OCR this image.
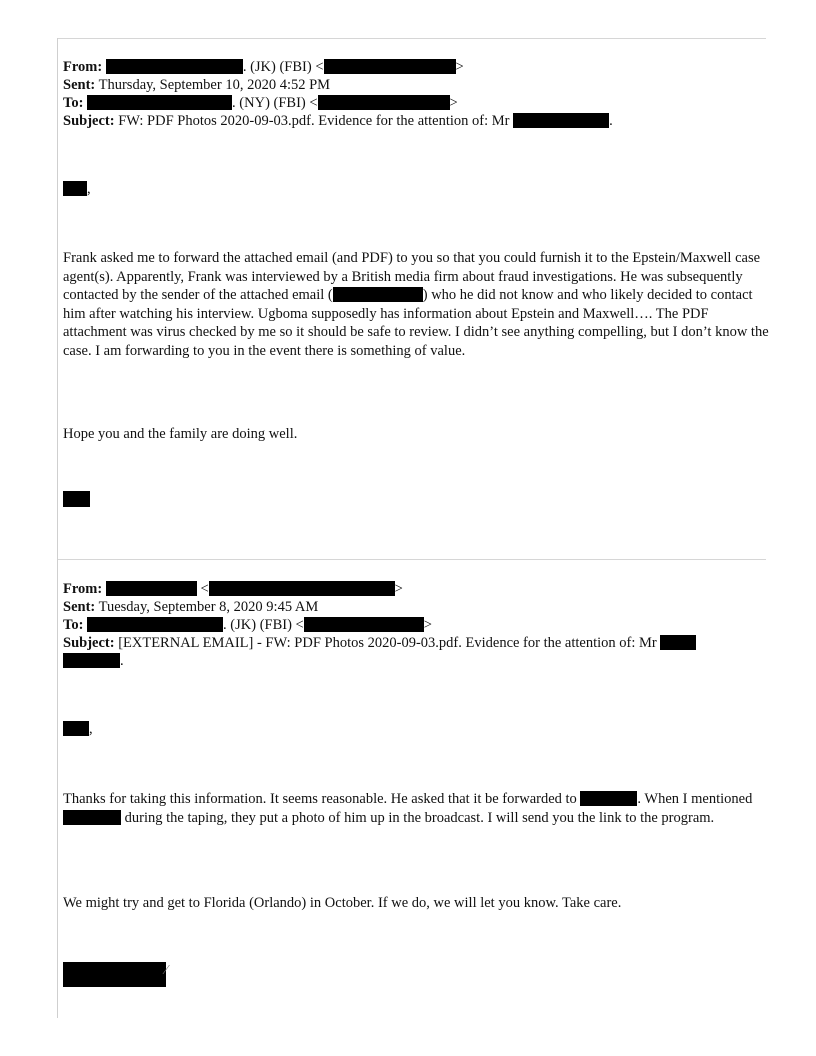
From:	. (JK) (FBI) <	>
Sent: Thursday, September 10, 2020 4:52 PM
To:	. (NY) (FBI) <	>
Subject: FW: PDF Photos 2020-09-03.pdf. Evidence for the attention of: Mr	.
,
Frank asked me to forward the attached email (and PDF) to you so that you could furnish it to the Epstein/Maxwell case agent(s). Apparently, Frank was interviewed by a British media firm about fraud investigations. He was subsequently contacted by the sender of the attached email (	) who he did not know and who likely decided to contact him after watching his interview. Ugboma supposedly has information about Epstein and Maxwell…. The PDF attachment was virus checked by me so it should be safe to review. I didn’t see anything compelling, but I don’t know the case. I am forwarding to you in the event there is something of value.
Hope you and the family are doing well.
From:	<	>
Sent: Tuesday, September 8, 2020 9:45 AM
To:	. (JK) (FBI) <	>
Subject: [EXTERNAL EMAIL] - FW: PDF Photos 2020-09-03.pdf. Evidence for the attention of: Mr
.
,
Thanks for taking this information. It seems reasonable. He asked that it be forwarded to	. When I mentioned  during the taping, they put a photo of him up in the broadcast. I will send you the link to the program.
We might try and get to Florida (Orlando) in October. If we do, we will let you know. Take care.
⁄
